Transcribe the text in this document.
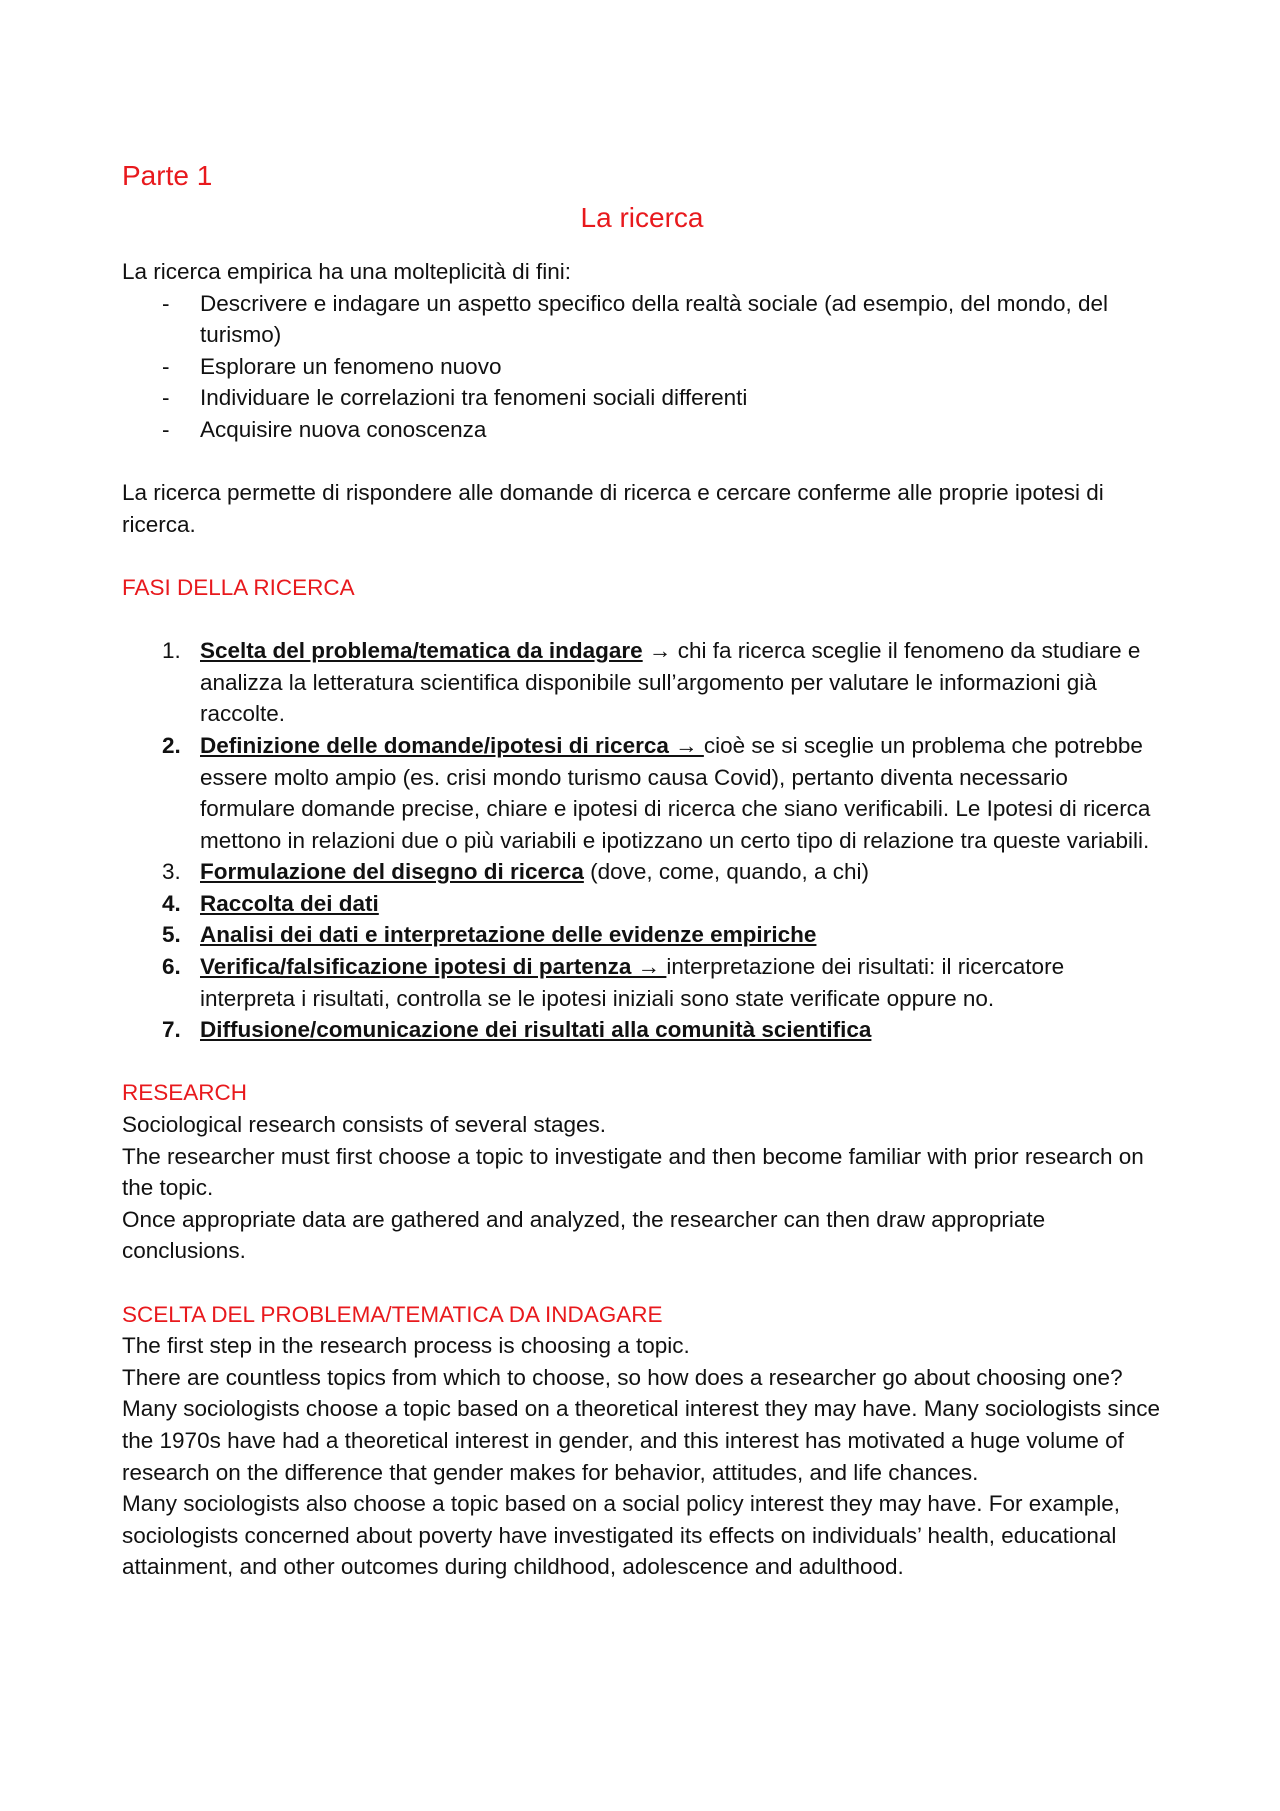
Parte 1
La ricerca

La ricerca empirica ha una molteplicità di fini:

- Descrivere e indagare un aspetto specifico della realtà sociale (ad esempio, del mondo, del turismo)
- Esplorare un fenomeno nuovo
- Individuare le correlazioni tra fenomeni sociali differenti
- Acquisire nuova conoscenza

La ricerca permette di rispondere alle domande di ricerca e cercare conferme alle proprie ipotesi di ricerca.

FASI DELLA RICERCA

1. Scelta del problema/tematica da indagare → chi fa ricerca sceglie il fenomeno da studiare e analizza la letteratura scientifica disponibile sull’argomento per valutare le informazioni già raccolte.
2. Definizione delle domande/ipotesi di ricerca → cioè se si sceglie un problema che potrebbe essere molto ampio (es. crisi mondo turismo causa Covid), pertanto diventa necessario formulare domande precise, chiare e ipotesi di ricerca che siano verificabili. Le Ipotesi di ricerca mettono in relazioni due o più variabili e ipotizzano un certo tipo di relazione tra queste variabili.
3. Formulazione del disegno di ricerca (dove, come, quando, a chi)
4. Raccolta dei dati
5. Analisi dei dati e interpretazione delle evidenze empiriche
6. Verifica/falsificazione ipotesi di partenza → interpretazione dei risultati: il ricercatore interpreta i risultati, controlla se le ipotesi iniziali sono state verificate oppure no.
7. Diffusione/comunicazione dei risultati alla comunità scientifica

RESEARCH

Sociological research consists of several stages.

The researcher must first choose a topic to investigate and then become familiar with prior research on the topic.

Once appropriate data are gathered and analyzed, the researcher can then draw appropriate conclusions.

SCELTA DEL PROBLEMA/TEMATICA DA INDAGARE

The first step in the research process is choosing a topic.

There are countless topics from which to choose, so how does a researcher go about choosing one?

Many sociologists choose a topic based on a theoretical interest they may have. Many sociologists since the 1970s have had a theoretical interest in gender, and this interest has motivated a huge volume of research on the difference that gender makes for behavior, attitudes, and life chances.

Many sociologists also choose a topic based on a social policy interest they may have. For example, sociologists concerned about poverty have investigated its effects on individuals’ health, educational attainment, and other outcomes during childhood, adolescence and adulthood.
